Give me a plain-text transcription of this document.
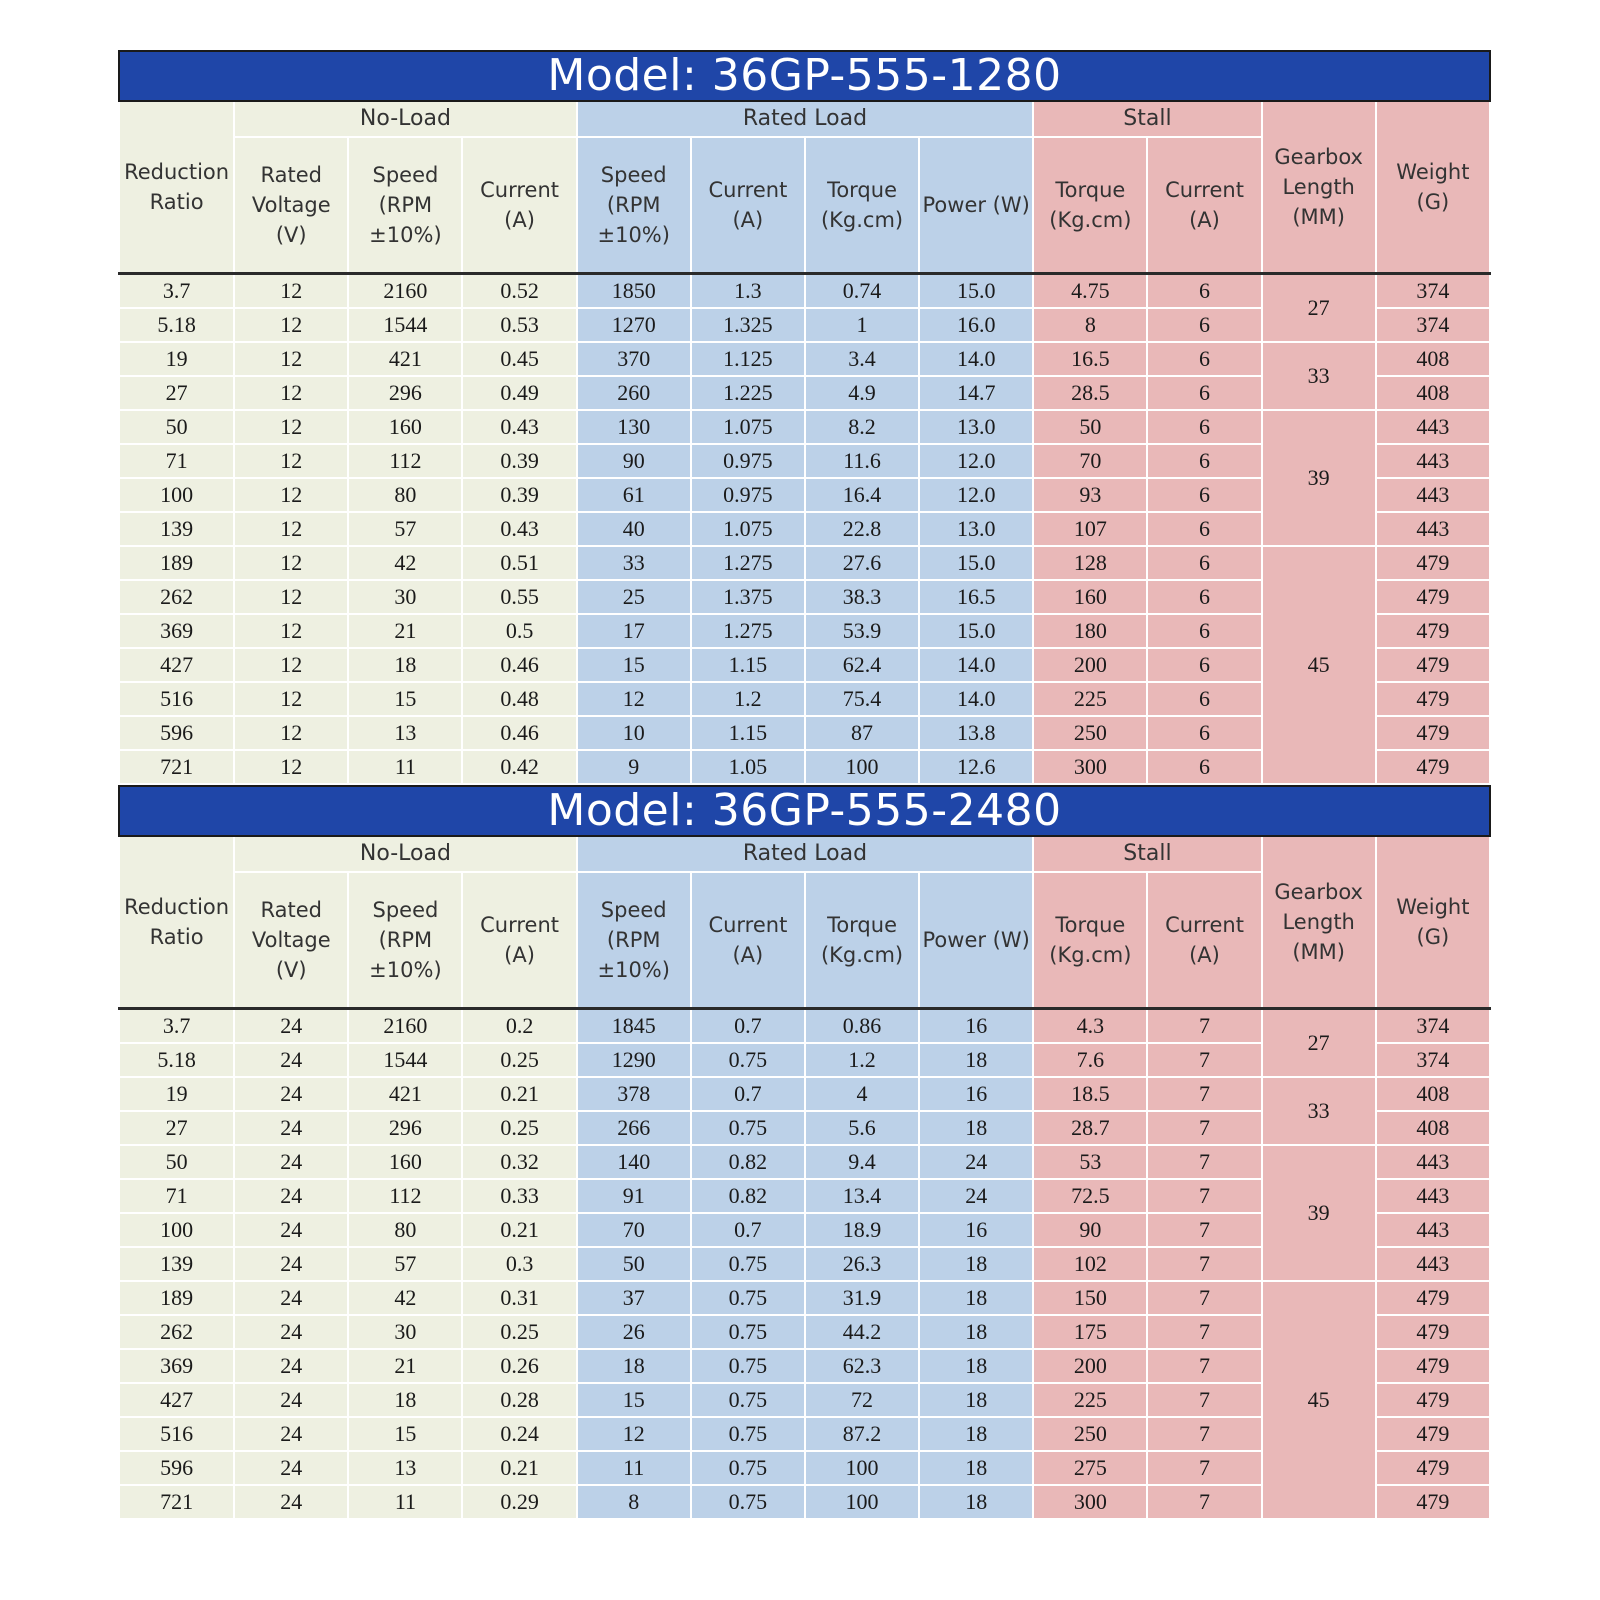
Model: 36GP-555-1280											
Reduction Ratio	No-Load			Rated Load				Stall		Gearbox Length (MM)	Weight (G)
	Rated Voltage (V)	Speed (RPM ±10%)	Current (A)	Speed (RPM ±10%)	Current (A)	Torque (Kg.cm)	Power (W)	Torque (Kg.cm)	Current (A)		
3.7	12	2160	0.52	1850	1.3	0.74	15.0	4.75	6	27	374
5.18	12	1544	0.53	1270	1.325	1	16.0	8	6		374
19	12	421	0.45	370	1.125	3.4	14.0	16.5	6	33	408
27	12	296	0.49	260	1.225	4.9	14.7	28.5	6		408
50	12	160	0.43	130	1.075	8.2	13.0	50	6	39	443
71	12	112	0.39	90	0.975	11.6	12.0	70	6		443
100	12	80	0.39	61	0.975	16.4	12.0	93	6		443
139	12	57	0.43	40	1.075	22.8	13.0	107	6		443
189	12	42	0.51	33	1.275	27.6	15.0	128	6	45	479
262	12	30	0.55	25	1.375	38.3	16.5	160	6		479
369	12	21	0.5	17	1.275	53.9	15.0	180	6		479
427	12	18	0.46	15	1.15	62.4	14.0	200	6		479
516	12	15	0.48	12	1.2	75.4	14.0	225	6		479
596	12	13	0.46	10	1.15	87	13.8	250	6		479
721	12	11	0.42	9	1.05	100	12.6	300	6		479
Model: 36GP-555-2480											
Reduction Ratio	No-Load			Rated Load				Stall		Gearbox Length (MM)	Weight (G)
	Rated Voltage (V)	Speed (RPM ±10%)	Current (A)	Speed (RPM ±10%)	Current (A)	Torque (Kg.cm)	Power (W)	Torque (Kg.cm)	Current (A)		
3.7	24	2160	0.2	1845	0.7	0.86	16	4.3	7	27	374
5.18	24	1544	0.25	1290	0.75	1.2	18	7.6	7		374
19	24	421	0.21	378	0.7	4	16	18.5	7	33	408
27	24	296	0.25	266	0.75	5.6	18	28.7	7		408
50	24	160	0.32	140	0.82	9.4	24	53	7	39	443
71	24	112	0.33	91	0.82	13.4	24	72.5	7		443
100	24	80	0.21	70	0.7	18.9	16	90	7		443
139	24	57	0.3	50	0.75	26.3	18	102	7		443
189	24	42	0.31	37	0.75	31.9	18	150	7	45	479
262	24	30	0.25	26	0.75	44.2	18	175	7		479
369	24	21	0.26	18	0.75	62.3	18	200	7		479
427	24	18	0.28	15	0.75	72	18	225	7		479
516	24	15	0.24	12	0.75	87.2	18	250	7		479
596	24	13	0.21	11	0.75	100	18	275	7		479
721	24	11	0.29	8	0.75	100	18	300	7		479
